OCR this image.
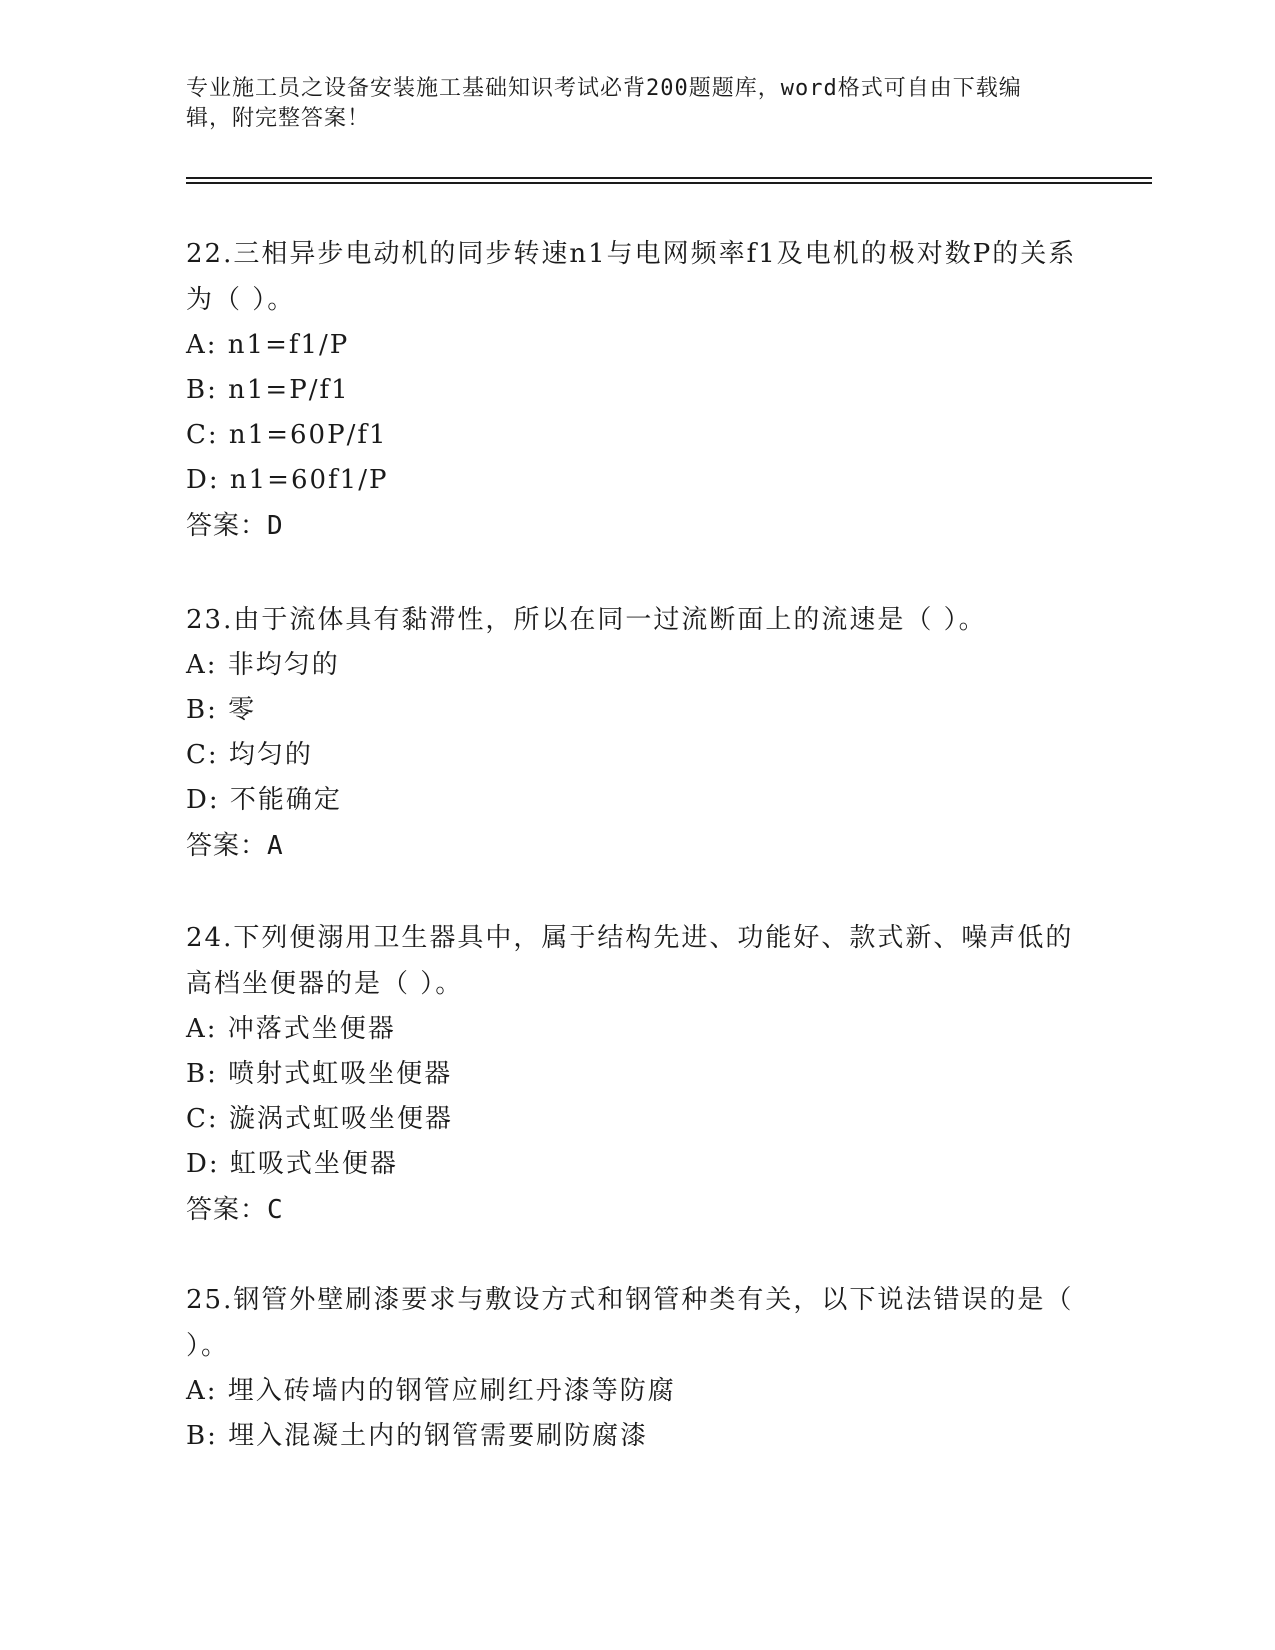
专业施工员之设备安装施工基础知识考试必背200题题库，word格式可自由下载编辑，附完整答案！

22.三相异步电动机的同步转速n1与电网频率f1及电机的极对数P的关系为（ ）。

A: n1=f1/P

B: n1=P/f1

C: n1=60P/f1

D: n1=60f1/P

答案：D

23.由于流体具有黏滞性，所以在同一过流断面上的流速是（ ）。

A: 非均匀的

B: 零

C: 均匀的

D: 不能确定

答案：A

24.下列便溺用卫生器具中，属于结构先进、功能好、款式新、噪声低的高档坐便器的是（ ）。

A: 冲落式坐便器

B: 喷射式虹吸坐便器

C: 漩涡式虹吸坐便器

D: 虹吸式坐便器

答案：C

25.钢管外壁刷漆要求与敷设方式和钢管种类有关，以下说法错误的是（ ）。

A: 埋入砖墙内的钢管应刷红丹漆等防腐

B: 埋入混凝土内的钢管需要刷防腐漆
